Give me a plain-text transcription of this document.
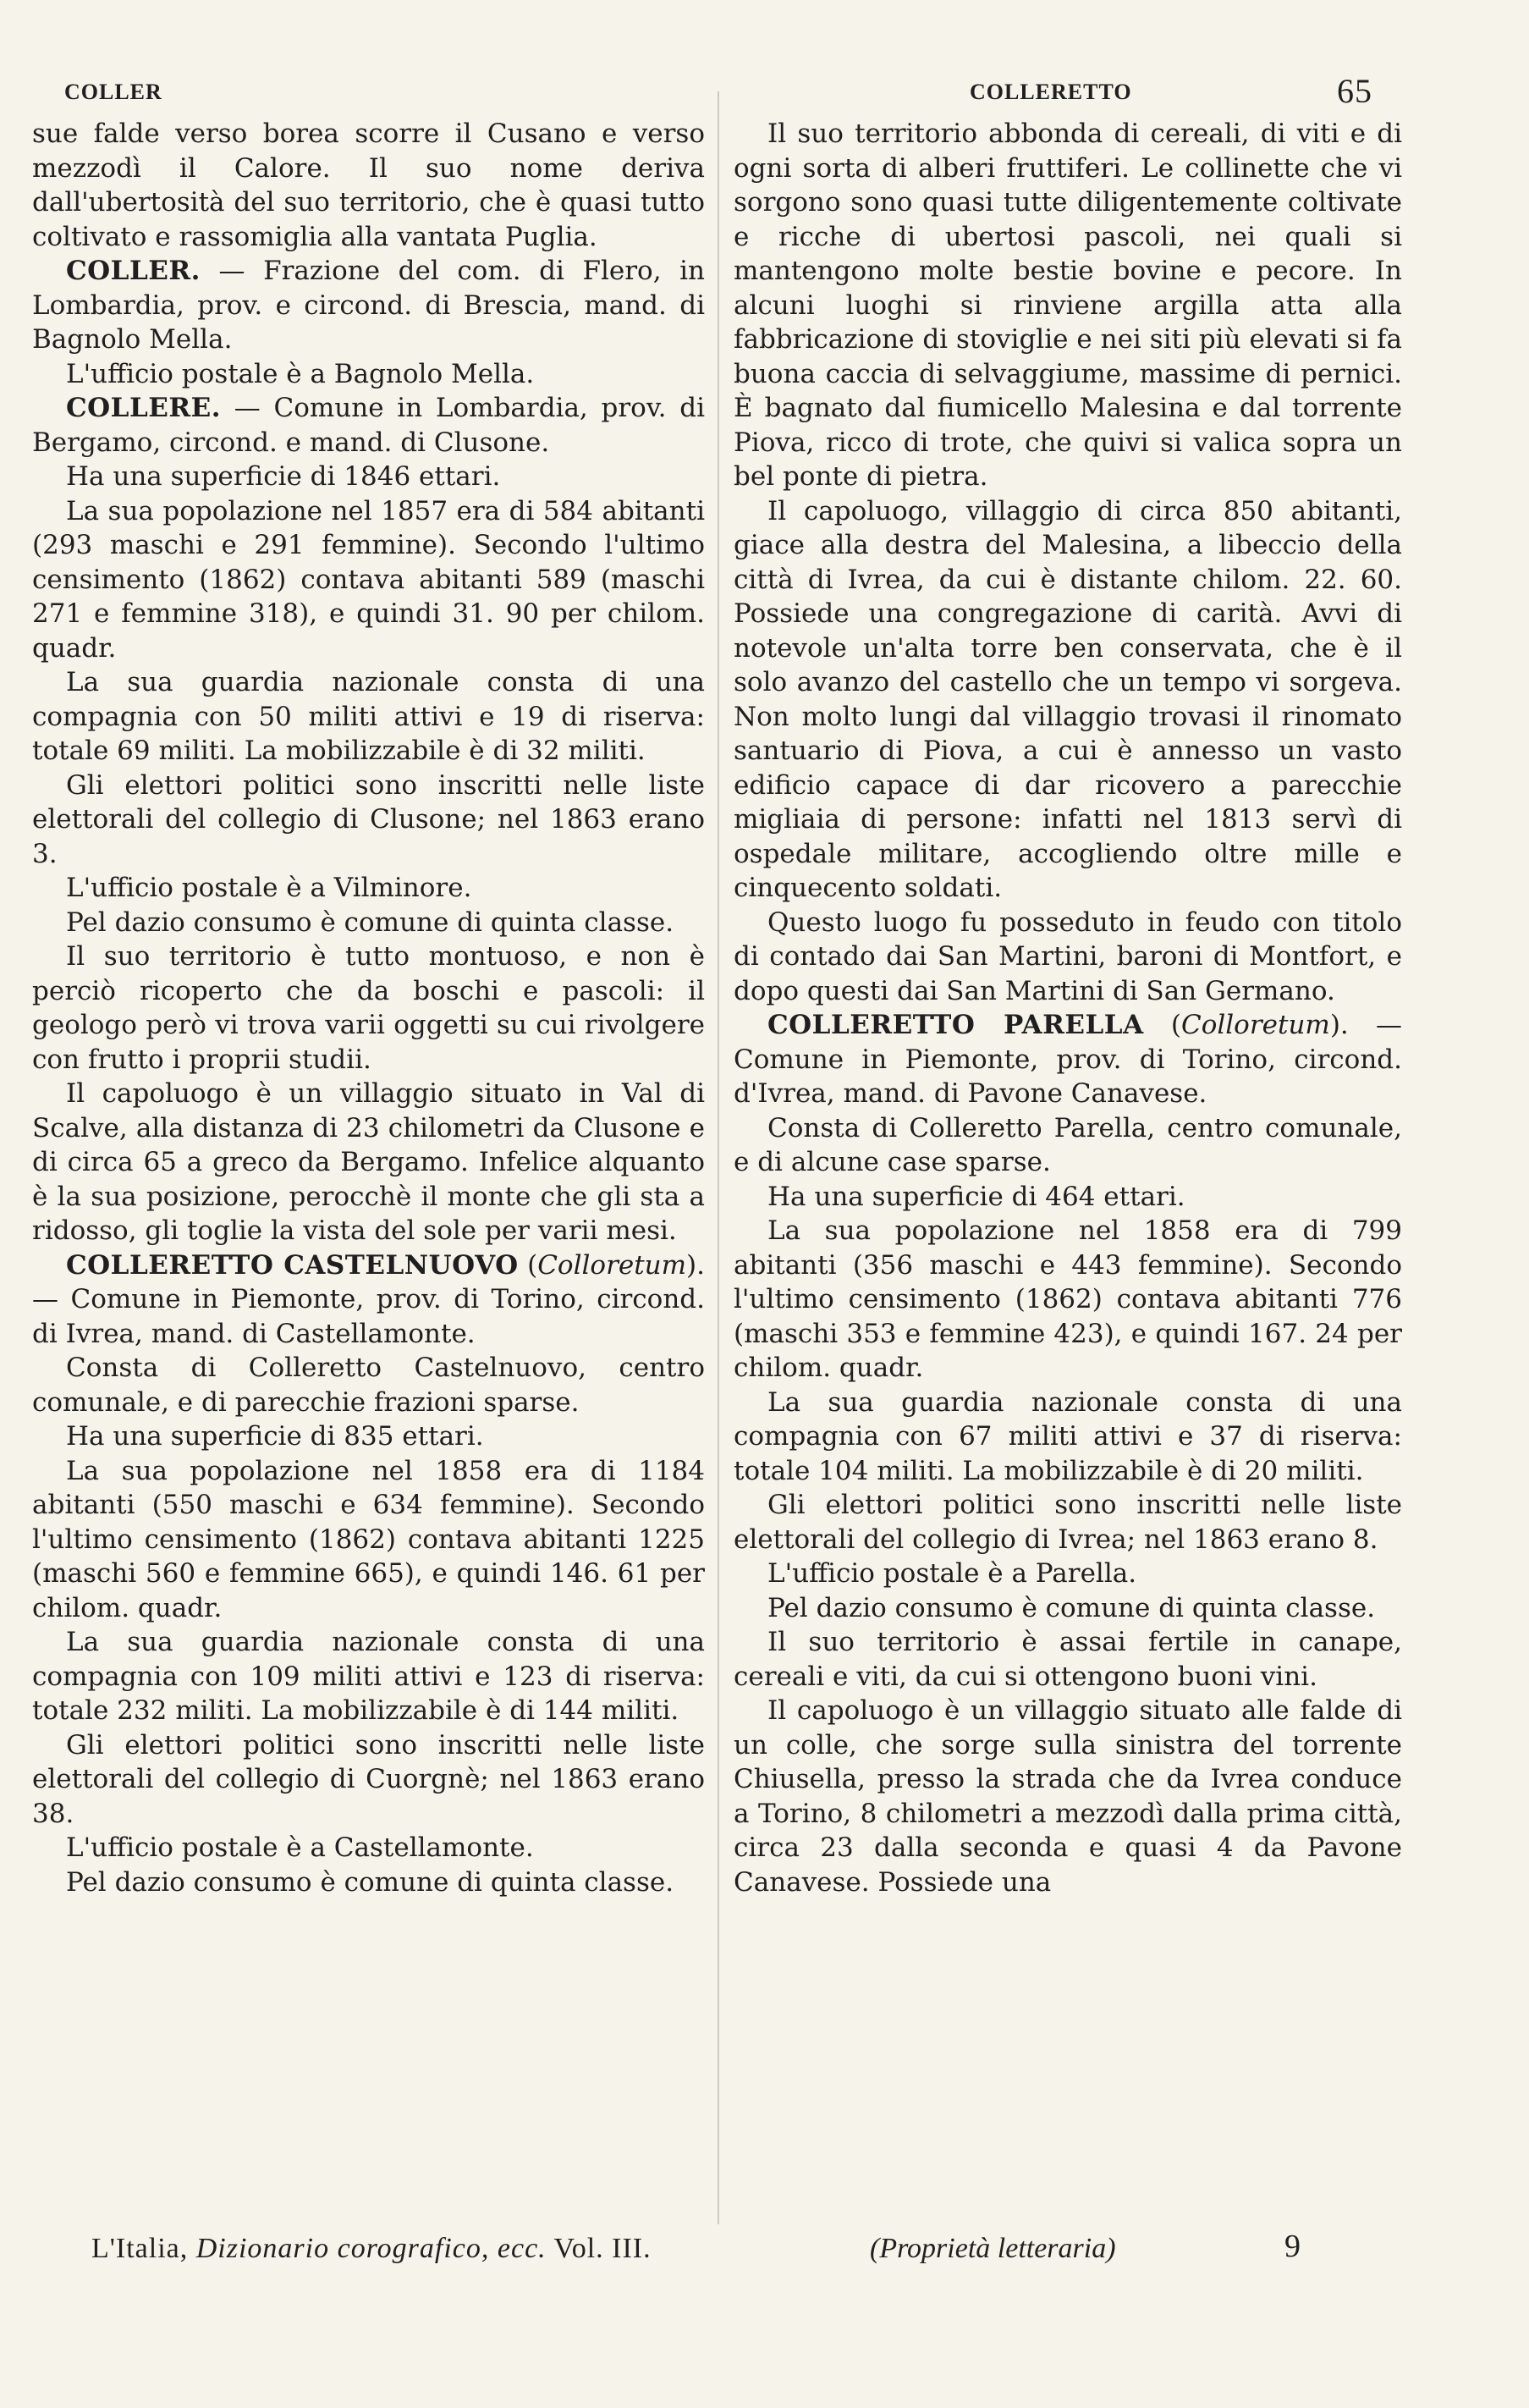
COLLER	COLLERETTO	65

sue falde verso borea scorre il Cusano e verso mezzodì il Calore. Il suo nome deriva dall'ubertosità del suo territorio, che è quasi tutto coltivato e rassomiglia alla vantata Puglia.

COLLER. — Frazione del com. di Flero, in Lombardia, prov. e circond. di Brescia, mand. di Bagnolo Mella.

L'ufficio postale è a Bagnolo Mella.

COLLERE. — Comune in Lombardia, prov. di Bergamo, circond. e mand. di Clusone.

Ha una superficie di 1846 ettari.

La sua popolazione nel 1857 era di 584 abitanti (293 maschi e 291 femmine). Secondo l'ultimo censimento (1862) contava abitanti 589 (maschi 271 e femmine 318), e quindi 31. 90 per chilom. quadr.

La sua guardia nazionale consta di una compagnia con 50 militi attivi e 19 di riserva: totale 69 militi. La mobilizzabile è di 32 militi.

Gli elettori politici sono inscritti nelle liste elettorali del collegio di Clusone; nel 1863 erano 3.

L'ufficio postale è a Vilminore.

Pel dazio consumo è comune di quinta classe.

Il suo territorio è tutto montuoso, e non è perciò ricoperto che da boschi e pascoli: il geologo però vi trova varii oggetti su cui rivolgere con frutto i proprii studii.

Il capoluogo è un villaggio situato in Val di Scalve, alla distanza di 23 chilometri da Clusone e di circa 65 a greco da Bergamo. Infelice alquanto è la sua posizione, perocchè il monte che gli sta a ridosso, gli toglie la vista del sole per varii mesi.

COLLERETTO CASTELNUOVO (Colloretum). — Comune in Piemonte, prov. di Torino, circond. di Ivrea, mand. di Castellamonte.

Consta di Colleretto Castelnuovo, centro comunale, e di parecchie frazioni sparse.

Ha una superficie di 835 ettari.

La sua popolazione nel 1858 era di 1184 abitanti (550 maschi e 634 femmine). Secondo l'ultimo censimento (1862) contava abitanti 1225 (maschi 560 e femmine 665), e quindi 146. 61 per chilom. quadr.

La sua guardia nazionale consta di una compagnia con 109 militi attivi e 123 di riserva: totale 232 militi. La mobilizzabile è di 144 militi.

Gli elettori politici sono inscritti nelle liste elettorali del collegio di Cuorgnè; nel 1863 erano 38.

L'ufficio postale è a Castellamonte.

Pel dazio consumo è comune di quinta classe.

Il suo territorio abbonda di cereali, di viti e di ogni sorta di alberi fruttiferi. Le collinette che vi sorgono sono quasi tutte diligentemente coltivate e ricche di ubertosi pascoli, nei quali si mantengono molte bestie bovine e pecore. In alcuni luoghi si rinviene argilla atta alla fabbricazione di stoviglie e nei siti più elevati si fa buona caccia di selvaggiume, massime di pernici. È bagnato dal fiumicello Malesina e dal torrente Piova, ricco di trote, che quivi si valica sopra un bel ponte di pietra.

Il capoluogo, villaggio di circa 850 abitanti, giace alla destra del Malesina, a libeccio della città di Ivrea, da cui è distante chilom. 22. 60. Possiede una congregazione di carità. Avvi di notevole un'alta torre ben conservata, che è il solo avanzo del castello che un tempo vi sorgeva. Non molto lungi dal villaggio trovasi il rinomato santuario di Piova, a cui è annesso un vasto edificio capace di dar ricovero a parecchie migliaia di persone: infatti nel 1813 servì di ospedale militare, accogliendo oltre mille e cinquecento soldati.

Questo luogo fu posseduto in feudo con titolo di contado dai San Martini, baroni di Montfort, e dopo questi dai San Martini di San Germano.

COLLERETTO PARELLA (Colloretum). — Comune in Piemonte, prov. di Torino, circond. d'Ivrea, mand. di Pavone Canavese.

Consta di Colleretto Parella, centro comunale, e di alcune case sparse.

Ha una superficie di 464 ettari.

La sua popolazione nel 1858 era di 799 abitanti (356 maschi e 443 femmine). Secondo l'ultimo censimento (1862) contava abitanti 776 (maschi 353 e femmine 423), e quindi 167. 24 per chilom. quadr.

La sua guardia nazionale consta di una compagnia con 67 militi attivi e 37 di riserva: totale 104 militi. La mobilizzabile è di 20 militi.

Gli elettori politici sono inscritti nelle liste elettorali del collegio di Ivrea; nel 1863 erano 8.

L'ufficio postale è a Parella.

Pel dazio consumo è comune di quinta classe.

Il suo territorio è assai fertile in canape, cereali e viti, da cui si ottengono buoni vini.

Il capoluogo è un villaggio situato alle falde di un colle, che sorge sulla sinistra del torrente Chiusella, presso la strada che da Ivrea conduce a Torino, 8 chilometri a mezzodì dalla prima città, circa 23 dalla seconda e quasi 4 da Pavone Canavese. Possiede una

L'Italia, Dizionario corografico, ecc. Vol. III.	(Proprietà letteraria)	9
